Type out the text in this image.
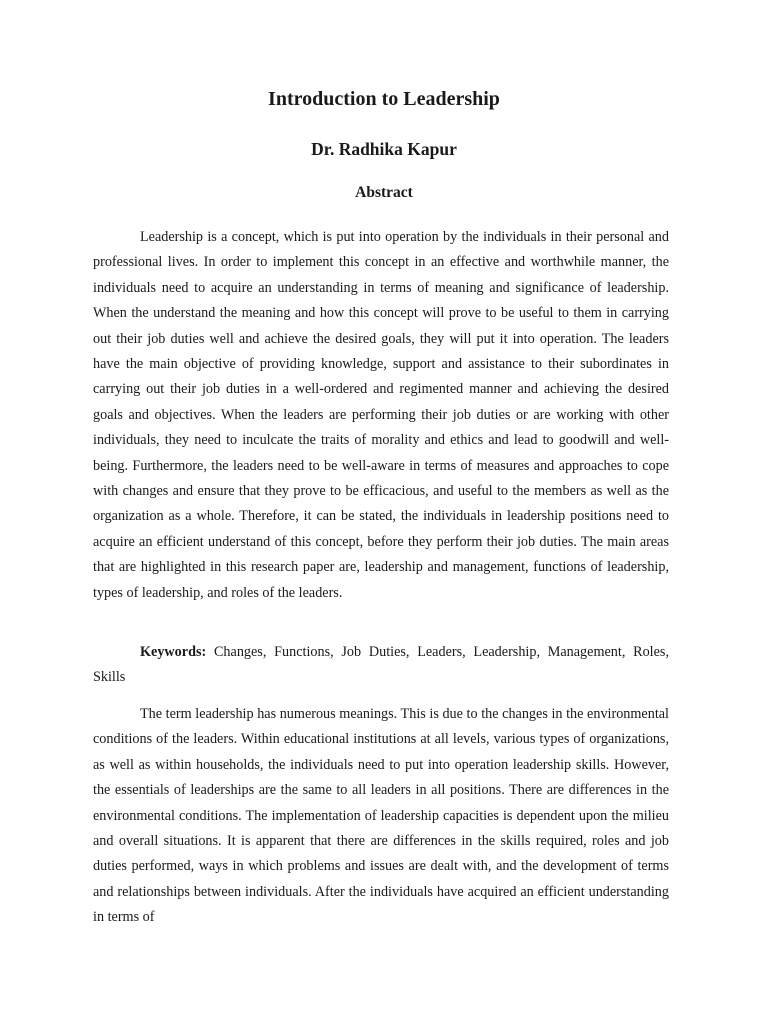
Introduction to Leadership
Dr. Radhika Kapur
Abstract

Leadership is a concept, which is put into operation by the individuals in their personal and professional lives. In order to implement this concept in an effective and worthwhile manner, the individuals need to acquire an understanding in terms of meaning and significance of leadership. When the understand the meaning and how this concept will prove to be useful to them in carrying out their job duties well and achieve the desired goals, they will put it into operation. The leaders have the main objective of providing knowledge, support and assistance to their subordinates in carrying out their job duties in a well-ordered and regimented manner and achieving the desired goals and objectives. When the leaders are performing their job duties or are working with other individuals, they need to inculcate the traits of morality and ethics and lead to goodwill and well-being. Furthermore, the leaders need to be well-aware in terms of measures and approaches to cope with changes and ensure that they prove to be efficacious, and useful to the members as well as the organization as a whole. Therefore, it can be stated, the individuals in leadership positions need to acquire an efficient understand of this concept, before they perform their job duties. The main areas that are highlighted in this research paper are, leadership and management, functions of leadership, types of leadership, and roles of the leaders.

Keywords: Changes, Functions, Job Duties, Leaders, Leadership, Management, Roles, Skills

The term leadership has numerous meanings. This is due to the changes in the environmental conditions of the leaders. Within educational institutions at all levels, various types of organizations, as well as within households, the individuals need to put into operation leadership skills. However, the essentials of leaderships are the same to all leaders in all positions. There are differences in the environmental conditions. The implementation of leadership capacities is dependent upon the milieu and overall situations. It is apparent that there are differences in the skills required, roles and job duties performed, ways in which problems and issues are dealt with, and the development of terms and relationships between individuals. After the individuals have acquired an efficient understanding in terms of
